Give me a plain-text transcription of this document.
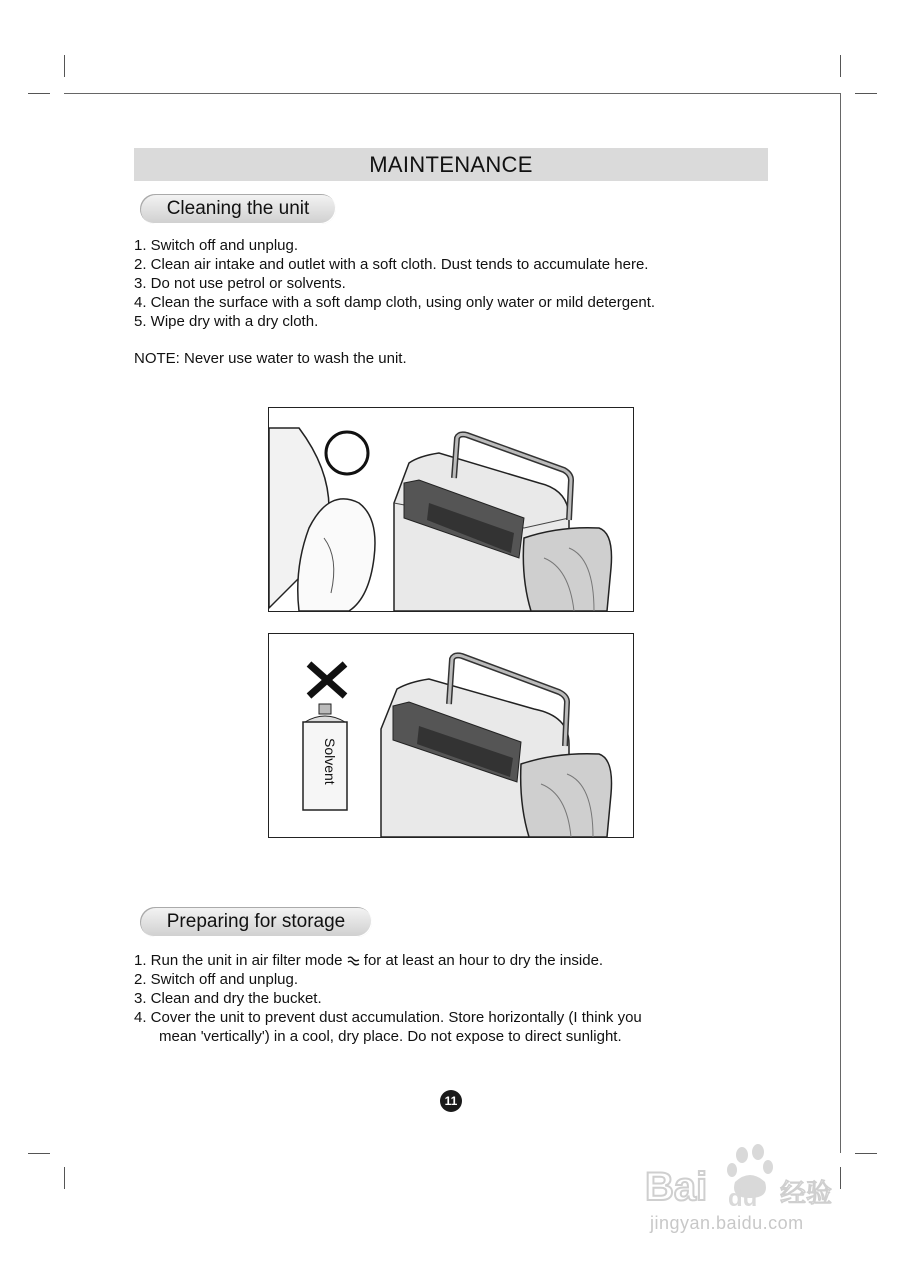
MAINTENANCE
Cleaning the unit
1. Switch off and unplug.
2. Clean air intake and outlet with a soft cloth. Dust tends to accumulate here.
3. Do not use petrol or solvents.
4. Clean the surface with a soft damp cloth, using only water or mild detergent.
5. Wipe dry with a dry cloth.
NOTE: Never use water to wash the unit.
Solvent
Preparing for storage
1. Run the unit in air filter mode  for at least an hour to dry the inside.
2. Switch off and unplug.
3. Clean and dry the bucket.
4. Cover the unit to prevent dust accumulation. Store horizontally (I think you
mean 'vertically') in a cool, dry place. Do not expose to direct sunlight.
11
Bai du 经验
jingyan.baidu.com
